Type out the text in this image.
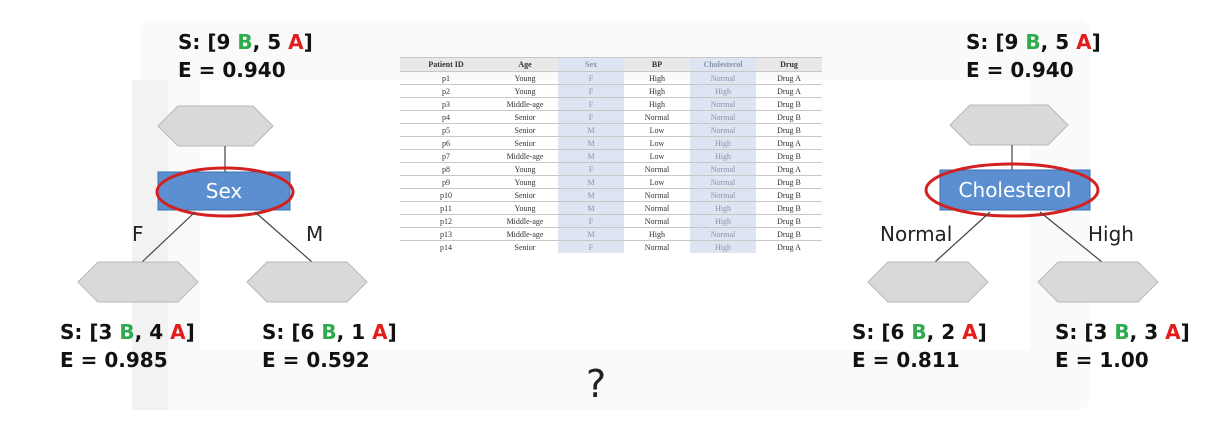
S: [9 B, 5 A]
E = 0.940
Sex
F	M
S: [3 B, 4 A]
E = 0.985
S: [6 B, 1 A]
E = 0.592
S: [9 B, 5 A]
E = 0.940
Cholesterol
Normal	High
S: [6 B, 2 A]
E = 0.811
S: [3 B, 3 A]
E = 1.00
Patient ID	Age	Sex	BP	Cholesterol	Drug
p1	Young	F	High	Normal	Drug A
p2	Young	F	High	High	Drug A
p3	Middle-age	F	High	Normal	Drug B
p4	Senior	F	Normal	Normal	Drug B
p5	Senior	M	Low	Normal	Drug B
p6	Senior	M	Low	High	Drug A
p7	Middle-age	M	Low	High	Drug B
p8	Young	F	Normal	Normal	Drug A
p9	Young	M	Low	Normal	Drug B
p10	Senior	M	Normal	Normal	Drug B
p11	Young	M	Normal	High	Drug B
p12	Middle-age	F	Normal	High	Drug B
p13	Middle-age	M	High	Normal	Drug B
p14	Senior	F	Normal	High	Drug A
?
